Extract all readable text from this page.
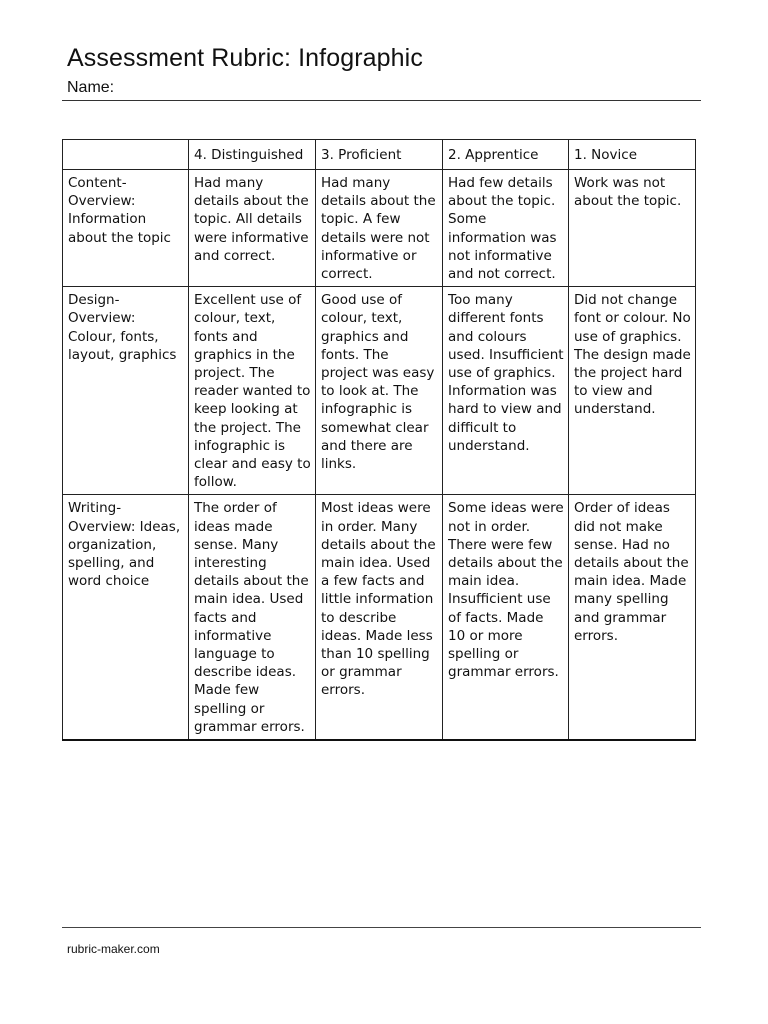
Assessment Rubric: Infographic
Name:
	4. Distinguished	3. Proficient	2. Apprentice	1. Novice
Content-Overview: Information about the topic	Had many details about the topic. All details were informative and correct.	Had many details about the topic. A few details were not informative or correct.	Had few details about the topic. Some information was not informative and not correct.	Work was not about the topic.
Design-Overview: Colour, fonts, layout, graphics	Excellent use of colour, text, fonts and graphics in the project. The reader wanted to keep looking at the project. The infographic is clear and easy to follow.	Good use of colour, text, graphics and fonts. The project was easy to look at. The infographic is somewhat clear and there are links.	Too many different fonts and colours used. Insufficient use of graphics. Information was hard to view and difficult to understand.	Did not change font or colour. No use of graphics. The design made the project hard to view and understand.
Writing-Overview: Ideas, organization, spelling, and word choice	The order of ideas made sense. Many interesting details about the main idea. Used facts and informative language to describe ideas. Made few spelling or grammar errors.	Most ideas were in order. Many details about the main idea. Used a few facts and little information to describe ideas. Made less than 10 spelling or grammar errors.	Some ideas were not in order. There were few details about the main idea. Insufficient use of facts. Made 10 or more spelling or grammar errors.	Order of ideas did not make sense. Had no details about the main idea. Made many spelling and grammar errors.
rubric-maker.com
